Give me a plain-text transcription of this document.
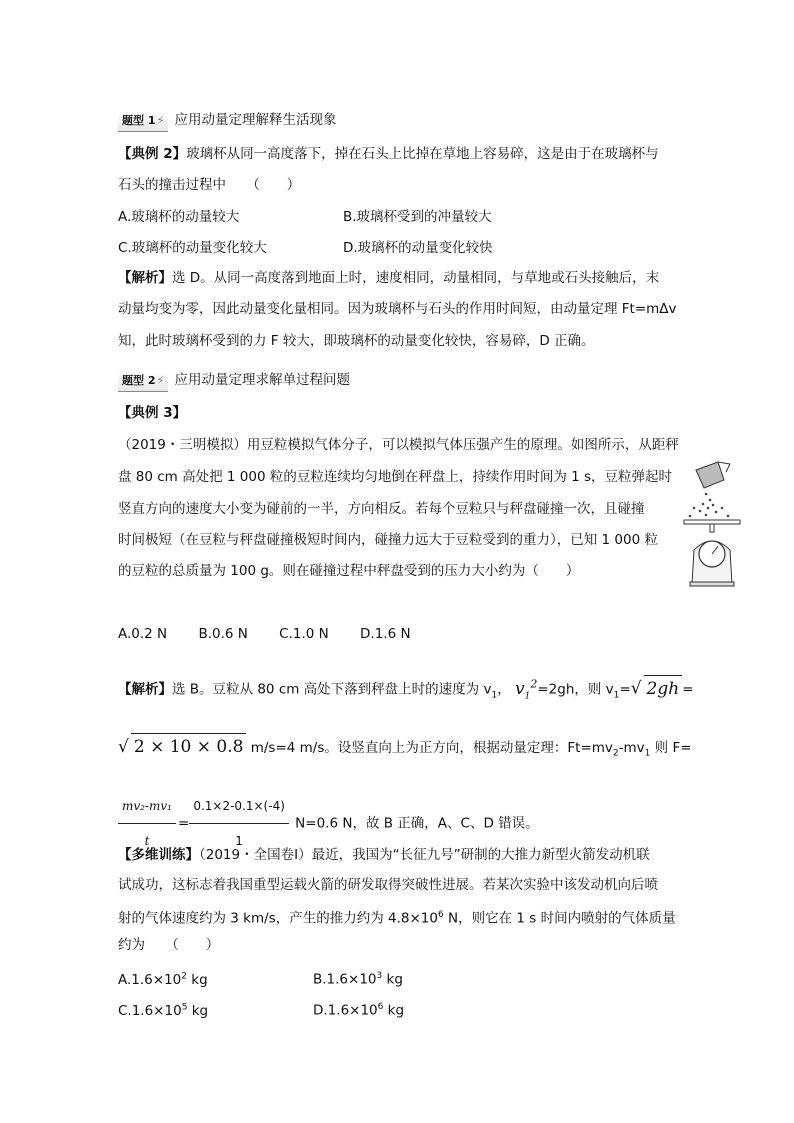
题型 1⚡ 应用动量定理解释生活现象
【典例 2】玻璃杯从同一高度落下，掉在石头上比掉在草地上容易碎，这是由于在玻璃杯与
石头的撞击过程中　　（　　）
A.玻璃杯的动量较大	B.玻璃杯受到的冲量较大
C.玻璃杯的动量变化较大	D.玻璃杯的动量变化较快
【解析】选 D。从同一高度落到地面上时，速度相同，动量相同，与草地或石头接触后，末
动量均变为零，因此动量变化量相同。因为玻璃杯与石头的作用时间短，由动量定理 Ft=mΔv
知，此时玻璃杯受到的力 F 较大，即玻璃杯的动量变化较快，容易碎，D 正确。
题型 2⚡ 应用动量定理求解单过程问题
【典例 3】
（2019・三明模拟）用豆粒模拟气体分子，可以模拟气体压强产生的原理。如图所示，从距秤
盘 80 cm 高处把 1 000 粒的豆粒连续均匀地倒在秤盘上，持续作用时间为 1 s，豆粒弹起时
竖直方向的速度大小变为碰前的一半，方向相反。若每个豆粒只与秤盘碰撞一次，且碰撞
时间极短（在豆粒与秤盘碰撞极短时间内，碰撞力远大于豆粒受到的重力），已知 1 000 粒
的豆粒的总质量为 100 g。则在碰撞过程中秤盘受到的压力大小约为（　　）
A.0.2 N　　 B.0.6 N　　 C.1.0 N　　 D.1.6 N
【解析】选 B。豆粒从 80 cm 高处下落到秤盘上时的速度为 $v_1$， $v_1^2=2gh$，则 $v_1=√$ 2gh =
√ 2 × 10 × 0.8 m/s=4 m/s。设竖直向上为正方向，根据动量定理：$Ft=mv_2-mv_1$ 则 F=
$\frac{\text{mv₂-mv₁}}{t} = \frac{0.1\times 2-0.1\times(-4)}{1} N=0.6$ N，故 B 正确，A、C、D 错误。
【多维训练】（2019・全国卷Ⅰ）最近，我国为“长征九号”研制的大推力新型火箭发动机联
试成功，这标志着我国重型运载火箭的研发取得突破性进展。若某次实验中该发动机向后喷
射的气体速度约为 3 km/s，产生的推力约为 $4.8\times 10^6$ N，则它在 1 s 时间内喷射的气体质量
约为　　（　　）
$A.1.6\times 10^2$ kg	$B.1.6\times 10^3$ kg
$C.1.6\times 10^5$ kg	$D.1.6\times 10^6$ kg
